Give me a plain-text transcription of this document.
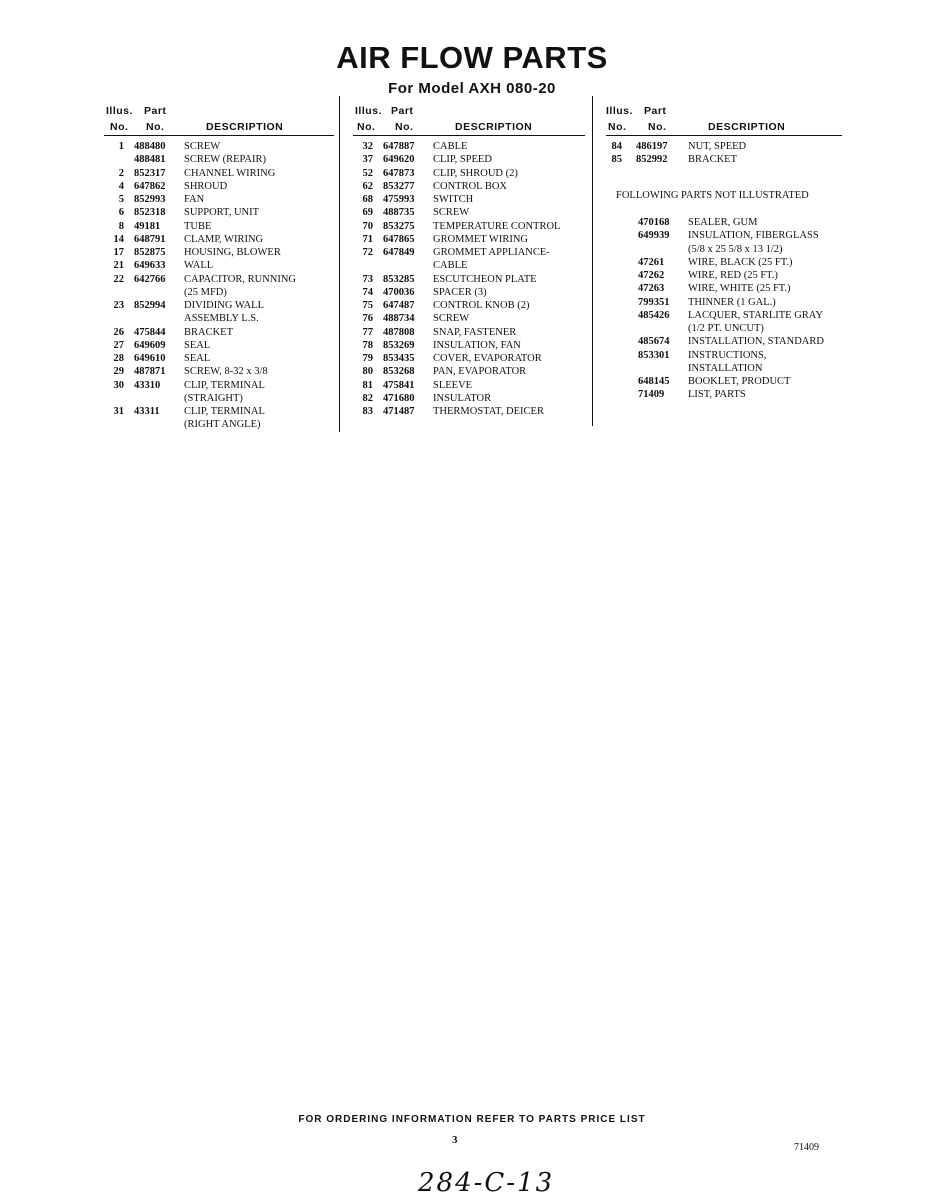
AIR FLOW PARTS
For Model AXH 080-20
Illus. Part
No. No.	DESCRIPTION
1 488480 SCREW
488481 SCREW (REPAIR)
2 852317 CHANNEL WIRING
4 647862 SHROUD
5 852993 FAN
6 852318 SUPPORT, UNIT
8 49181 TUBE
14 648791 CLAMP, WIRING
17 852875 HOUSING, BLOWER
21 649633 WALL
22 642766 CAPACITOR, RUNNING
(25 MFD)
23 852994 DIVIDING WALL
ASSEMBLY L.S.
26 475844 BRACKET
27 649609 SEAL
28 649610 SEAL
29 487871 SCREW, 8-32 x 3/8
30 43310 CLIP, TERMINAL
(STRAIGHT)
31 43311 CLIP, TERMINAL
(RIGHT ANGLE)
Illus. Part
No. No.	DESCRIPTION
32 647887 CABLE
37 649620 CLIP, SPEED
52 647873 CLIP, SHROUD (2)
62 853277 CONTROL BOX
68 475993 SWITCH
69 488735 SCREW
70 853275 TEMPERATURE CONTROL
71 647865 GROMMET WIRING
72 647849 GROMMET APPLIANCE-
CABLE
73 853285 ESCUTCHEON PLATE
74 470036 SPACER (3)
75 647487 CONTROL KNOB (2)
76 488734 SCREW
77 487808 SNAP, FASTENER
78 853269 INSULATION, FAN
79 853435 COVER, EVAPORATOR
80 853268 PAN, EVAPORATOR
81 475841 SLEEVE
82 471680 INSULATOR
83 471487 THERMOSTAT, DEICER
Illus. Part
No. No.	DESCRIPTION
84 486197 NUT, SPEED
85 852992 BRACKET
FOLLOWING PARTS NOT ILLUSTRATED
470168 SEALER, GUM
649939 INSULATION, FIBERGLASS
(5/8 x 25 5/8 x 13 1/2)
47261 WIRE, BLACK (25 FT.)
47262 WIRE, RED (25 FT.)
47263 WIRE, WHITE (25 FT.)
799351 THINNER (1 GAL.)
485426 LACQUER, STARLITE GRAY
(1/2 PT. UNCUT)
485674 INSTALLATION, STANDARD
853301 INSTRUCTIONS,
INSTALLATION
648145 BOOKLET, PRODUCT
71409 LIST, PARTS
FOR ORDERING INFORMATION REFER TO PARTS PRICE LIST
3
71409
284-C-13
